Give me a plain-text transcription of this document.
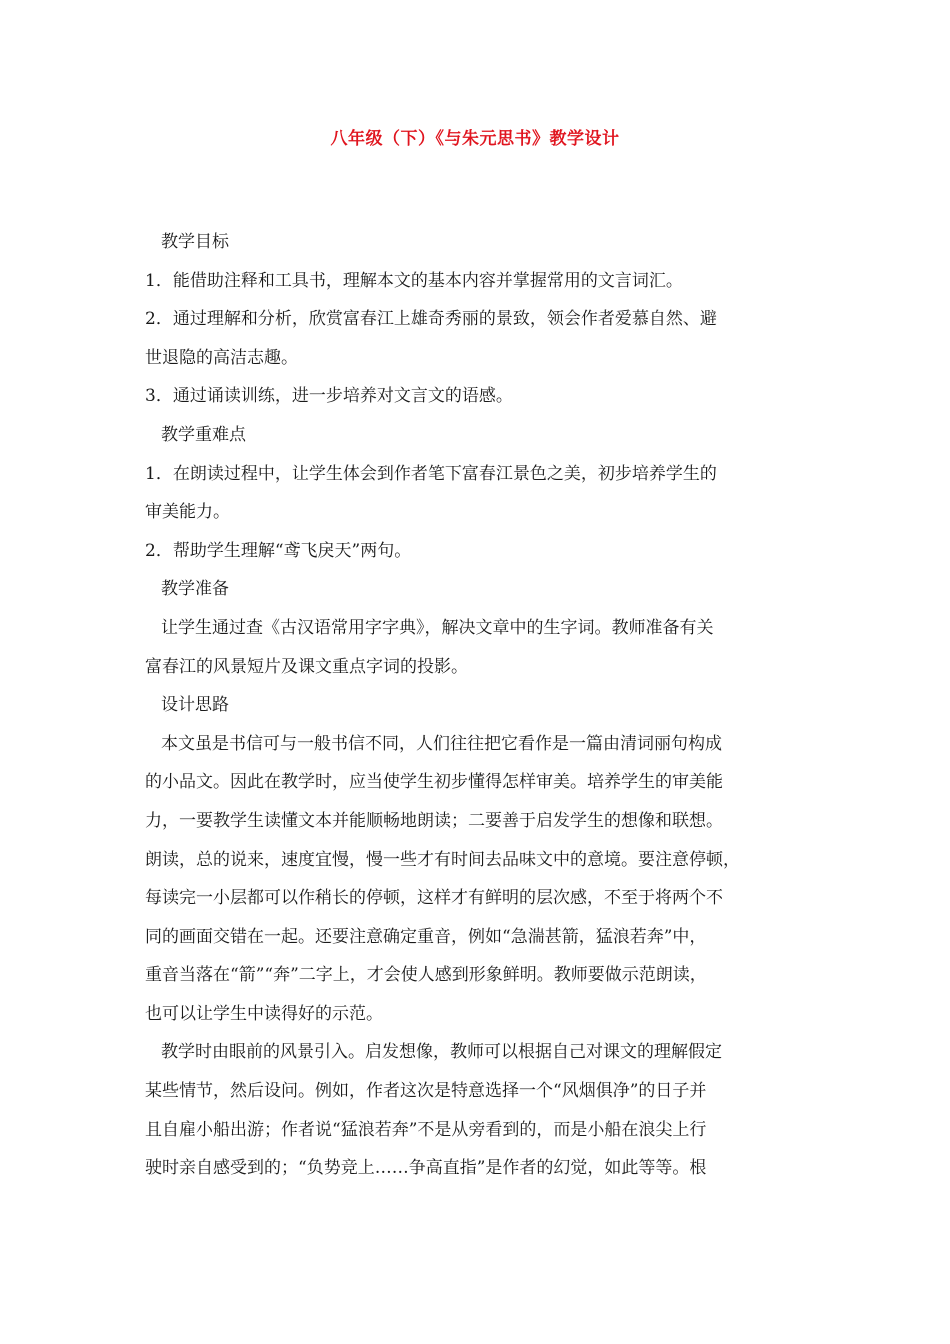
八年级（下）《与朱元思书》教学设计
教学目标
1．能借助注释和工具书，理解本文的基本内容并掌握常用的文言词汇。
2．通过理解和分析，欣赏富春江上雄奇秀丽的景致，领会作者爱慕自然、避
世退隐的高洁志趣。
3．通过诵读训练，进一步培养对文言文的语感。
教学重难点
1．在朗读过程中，让学生体会到作者笔下富春江景色之美，初步培养学生的
审美能力。
2．帮助学生理解“鸢飞戾天”两句。
教学准备
让学生通过查《古汉语常用字字典》，解决文章中的生字词。教师准备有关
富春江的风景短片及课文重点字词的投影。
设计思路
本文虽是书信可与一般书信不同，人们往往把它看作是一篇由清词丽句构成
的小品文。因此在教学时，应当使学生初步懂得怎样审美。培养学生的审美能
力，一要教学生读懂文本并能顺畅地朗读；二要善于启发学生的想像和联想。
朗读，总的说来，速度宜慢，慢一些才有时间去品味文中的意境。要注意停顿，
每读完一小层都可以作稍长的停顿，这样才有鲜明的层次感，不至于将两个不
同的画面交错在一起。还要注意确定重音，例如“急湍甚箭，猛浪若奔”中，
重音当落在“箭”“奔”二字上，才会使人感到形象鲜明。教师要做示范朗读，
也可以让学生中读得好的示范。
教学时由眼前的风景引入。启发想像，教师可以根据自己对课文的理解假定
某些情节，然后设问。例如，作者这次是特意选择一个“风烟俱净”的日子并
且自雇小船出游；作者说“猛浪若奔”不是从旁看到的，而是小船在浪尖上行
驶时亲自感受到的；“负势竞上……争高直指”是作者的幻觉，如此等等。根
